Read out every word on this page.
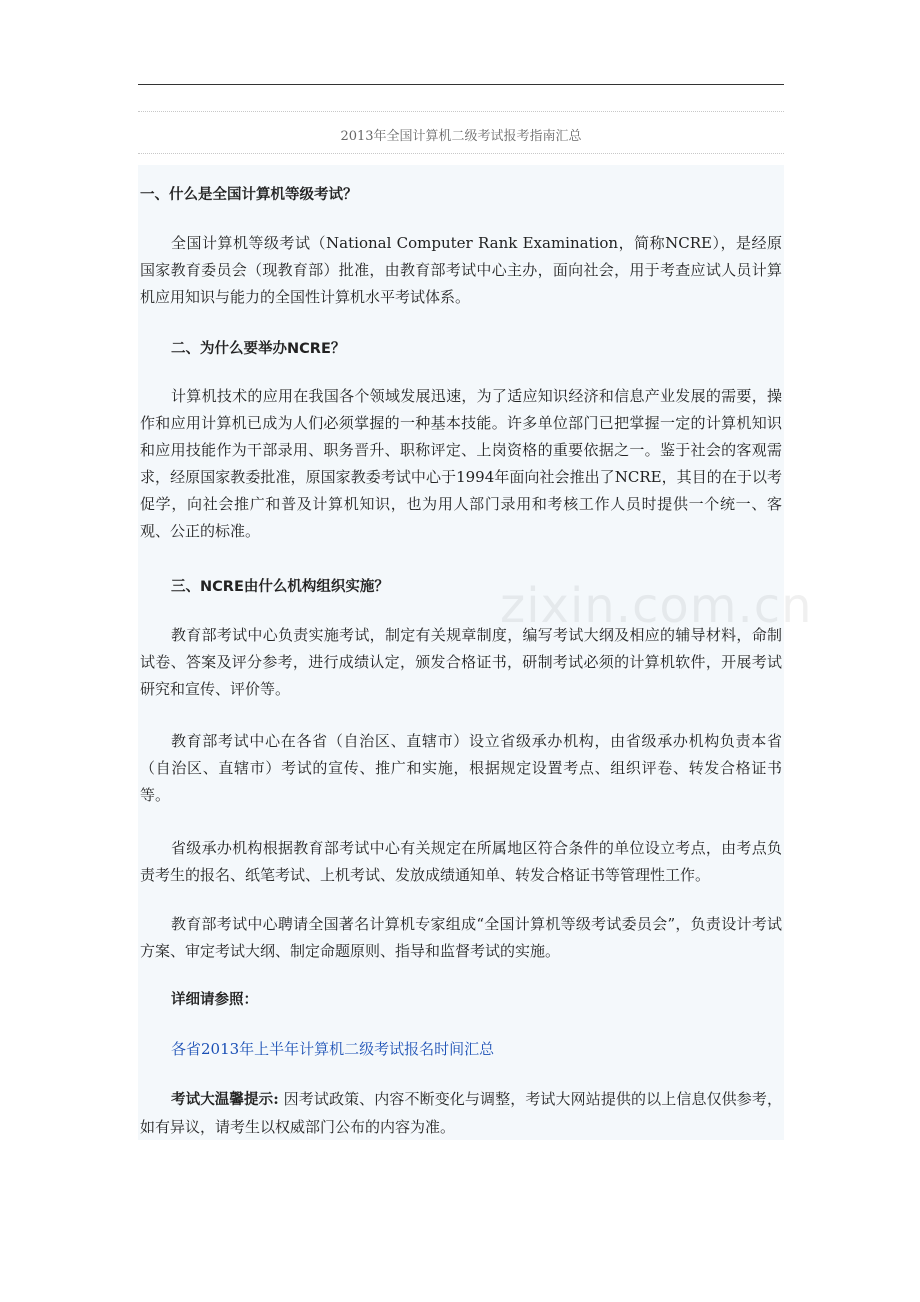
2013年全国计算机二级考试报考指南汇总

一、什么是全国计算机等级考试？

全国计算机等级考试（National Computer Rank Examination，简称NCRE），是经原国家教育委员会（现教育部）批准，由教育部考试中心主办，面向社会，用于考查应试人员计算机应用知识与能力的全国性计算机水平考试体系。

二、为什么要举办NCRE？

计算机技术的应用在我国各个领域发展迅速，为了适应知识经济和信息产业发展的需要，操作和应用计算机已成为人们必须掌握的一种基本技能。许多单位部门已把掌握一定的计算机知识和应用技能作为干部录用、职务晋升、职称评定、上岗资格的重要依据之一。鉴于社会的客观需求，经原国家教委批准，原国家教委考试中心于1994年面向社会推出了NCRE，其目的在于以考促学，向社会推广和普及计算机知识，也为用人部门录用和考核工作人员时提供一个统一、客观、公正的标准。

三、NCRE由什么机构组织实施？

教育部考试中心负责实施考试，制定有关规章制度，编写考试大纲及相应的辅导材料，命制试卷、答案及评分参考，进行成绩认定，颁发合格证书，研制考试必须的计算机软件，开展考试研究和宣传、评价等。

教育部考试中心在各省（自治区、直辖市）设立省级承办机构，由省级承办机构负责本省（自治区、直辖市）考试的宣传、推广和实施，根据规定设置考点、组织评卷、转发合格证书等。

省级承办机构根据教育部考试中心有关规定在所属地区符合条件的单位设立考点，由考点负责考生的报名、纸笔考试、上机考试、发放成绩通知单、转发合格证书等管理性工作。

教育部考试中心聘请全国著名计算机专家组成“全国计算机等级考试委员会”，负责设计考试方案、审定考试大纲、制定命题原则、指导和监督考试的实施。

详细请参照：

各省2013年上半年计算机二级考试报名时间汇总

考试大温馨提示: 因考试政策、内容不断变化与调整，考试大网站提供的以上信息仅供参考，如有异议，请考生以权威部门公布的内容为准。
